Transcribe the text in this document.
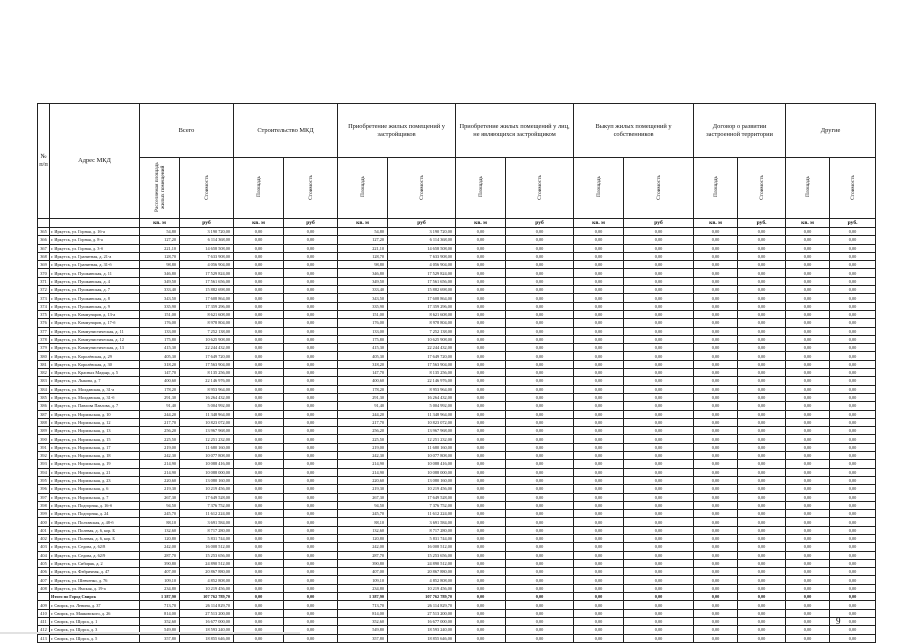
№ п/п	Адрес МКД	Всего		Строительство МКД		Приобретение жилых помещений у застройщиков		Приобретение жилых помещений у лиц, не являющихся застройщиком		Выкуп жилых помещений у собственников		Договор о развитии застроенной территории		Другие	
		Расселяемая площадь жилых помещений	Стоимость	Площадь	Стоимость	Площадь	Стоимость	Площадь	Стоимость	Площадь	Стоимость	Площадь	Стоимость	Площадь	Стоимость
		кв. м	руб	кв. м	руб	кв. м	руб	кв. м	руб	кв. м	руб	кв. м	руб.	кв. м	руб.
365	г. Иркутск, ул. Горная, д. 16-а	54,80	3 190 720,00	0,00	0,00	54,80	3 190 720,00	0,00	0,00	0,00	0,00	0,00	0,00	0,00	0,00
366	г. Иркутск, ул. Горная, д. 8-а	127,20	6 114 368,00	0,00	0,00	127,20	6 114 368,00	0,00	0,00	0,00	0,00	0,00	0,00	0,00	0,00
367	г. Иркутск, ул. Горная, д. 3-б	221,10	14 658 508,00	0,00	0,00	221,10	14 658 508,00	0,00	0,00	0,00	0,00	0,00	0,00	0,00	0,00
368	г. Иркутск, ул. Гранитная, д. 21-а	128,70	7 633 908,00	0,00	0,00	128,70	7 633 908,00	0,00	0,00	0,00	0,00	0,00	0,00	0,00	0,00
369	г. Иркутск, ул. Гранитная, д. 31-б	98,80	4 056 904,00	0,00	0,00	98,80	4 056 904,00	0,00	0,00	0,00	0,00	0,00	0,00	0,00	0,00
370	г. Иркутск, ул. Пушкинская, д. 11	346,80	17 529 824,00	0,00	0,00	346,80	17 529 824,00	0,00	0,00	0,00	0,00	0,00	0,00	0,00	0,00
371	г. Иркутск, ул. Пушкинская, д. 4	349,50	17 561 656,00	0,00	0,00	349,50	17 561 656,00	0,00	0,00	0,00	0,00	0,00	0,00	0,00	0,00
372	г. Иркутск, ул. Пушкинская, д. 7	333,40	15 882 698,00	0,00	0,00	333,40	15 882 698,00	0,00	0,00	0,00	0,00	0,00	0,00	0,00	0,00
373	г. Иркутск, ул. Пушкинская, д. 8	343,50	17 608 864,00	0,00	0,00	343,50	17 608 864,00	0,00	0,00	0,00	0,00	0,00	0,00	0,00	0,00
374	г. Иркутск, ул. Пушкинская, д. 9	335,90	17 359 296,00	0,00	0,00	335,90	17 359 296,00	0,00	0,00	0,00	0,00	0,00	0,00	0,00	0,00
375	г. Иркутск, ул. Коммунаров, д. 13-а	151,00	8 621 608,00	0,00	0,00	151,00	8 621 608,00	0,00	0,00	0,00	0,00	0,00	0,00	0,00	0,00
376	г. Иркутск, ул. Коммунаров, д. 17-б	176,00	8 978 804,00	0,00	0,00	176,00	8 978 804,00	0,00	0,00	0,00	0,00	0,00	0,00	0,00	0,00
377	г. Иркутск, ул. Коммунистическая, д. 11	133,00	7 252 138,00	0,00	0,00	133,00	7 252 138,00	0,00	0,00	0,00	0,00	0,00	0,00	0,00	0,00
378	г. Иркутск, ул. Коммунистическая, д. 12	175,80	10 625 908,00	0,00	0,00	175,80	10 625 908,00	0,00	0,00	0,00	0,00	0,00	0,00	0,00	0,00
379	г. Иркутск, ул. Коммунистическая, д. 13	415,30	22 244 432,00	0,00	0,00	415,30	22 244 432,00	0,00	0,00	0,00	0,00	0,00	0,00	0,00	0,00
380	г. Иркутск, ул. Королёвская, д. 29	405,30	17 649 720,00	0,00	0,00	405,30	17 649 720,00	0,00	0,00	0,00	0,00	0,00	0,00	0,00	0,00
381	г. Иркутск, ул. Королёвская, д. 30	318,20	17 563 904,00	0,00	0,00	318,20	17 563 904,00	0,00	0,00	0,00	0,00	0,00	0,00	0,00	0,00
382	г. Иркутск, ул. Красных Мадьяр, д. 5	147,70	8 135 256,00	0,00	0,00	147,70	8 135 256,00	0,00	0,00	0,00	0,00	0,00	0,00	0,00	0,00
383	г. Иркутск, ул. Лыкова, д. 7	400,60	22 146 976,00	0,00	0,00	400,60	22 146 976,00	0,00	0,00	0,00	0,00	0,00	0,00	0,00	0,00
384	г. Иркутск, ул. Молдавская, д. 31-а	178,20	8 953 964,00	0,00	0,00	178,20	8 953 964,00	0,00	0,00	0,00	0,00	0,00	0,00	0,00	0,00
385	г. Иркутск, ул. Молдавская, д. 31-б	291,30	16 264 432,00	0,00	0,00	291,30	16 264 432,00	0,00	0,00	0,00	0,00	0,00	0,00	0,00	0,00
386	г. Иркутск, ул. Павлова Павлова, д. 7	91,40	5 004 992,00	0,00	0,00	91,40	5 004 992,00	0,00	0,00	0,00	0,00	0,00	0,00	0,00	0,00
387	г. Иркутск, ул. Норильская, д. 10	244,20	11 348 964,00	0,00	0,00	244,20	11 348 964,00	0,00	0,00	0,00	0,00	0,00	0,00	0,00	0,00
388	г. Иркутск, ул. Норильская, д. 12	217,70	10 823 072,00	0,00	0,00	217,70	10 823 072,00	0,00	0,00	0,00	0,00	0,00	0,00	0,00	0,00
389	г. Иркутск, ул. Норильская, д. 13	256,20	13 967 968,00	0,00	0,00	256,20	13 967 968,00	0,00	0,00	0,00	0,00	0,00	0,00	0,00	0,00
390	г. Иркутск, ул. Норильская, д. 15	225,50	12 251 232,00	0,00	0,00	225,50	12 251 232,00	0,00	0,00	0,00	0,00	0,00	0,00	0,00	0,00
391	г. Иркутск, ул. Норильская, д. 17	219,00	11 680 160,00	0,00	0,00	219,00	11 680 160,00	0,00	0,00	0,00	0,00	0,00	0,00	0,00	0,00
392	г. Иркутск, ул. Норильская, д. 18	242,30	10 077 808,00	0,00	0,00	242,30	10 077 808,00	0,00	0,00	0,00	0,00	0,00	0,00	0,00	0,00
393	г. Иркутск, ул. Норильская, д. 19	214,90	10 088 416,00	0,00	0,00	214,90	10 088 416,00	0,00	0,00	0,00	0,00	0,00	0,00	0,00	0,00
394	г. Иркутск, ул. Норильская, д. 21	214,90	10 088 000,00	0,00	0,00	214,90	10 088 000,00	0,00	0,00	0,00	0,00	0,00	0,00	0,00	0,00
395	г. Иркутск, ул. Норильская, д. 23	220,60	13 080 160,00	0,00	0,00	220,60	13 080 160,00	0,00	0,00	0,00	0,00	0,00	0,00	0,00	0,00
396	г. Иркутск, ул. Норильская, д. 6	219,30	10 219 456,00	0,00	0,00	219,30	10 219 456,00	0,00	0,00	0,00	0,00	0,00	0,00	0,00	0,00
397	г. Иркутск, ул. Норильская, д. 7	267,30	17 649 528,00	0,00	0,00	267,30	17 649 528,00	0,00	0,00	0,00	0,00	0,00	0,00	0,00	0,00
398	г. Иркутск, ул. Подгорная, д. 16-б	94,50	7 376 752,00	0,00	0,00	94,50	7 376 752,00	0,00	0,00	0,00	0,00	0,00	0,00	0,00	0,00
399	г. Иркутск, ул. Подгорная, д. 24	245,70	11 612 224,00	0,00	0,00	245,70	11 612 224,00	0,00	0,00	0,00	0,00	0,00	0,00	0,00	0,00
400	г. Иркутск, ул. Полтавская, д. 48-б	88,10	3 691 584,00	0,00	0,00	88,10	3 691 584,00	0,00	0,00	0,00	0,00	0,00	0,00	0,00	0,00
401	г. Иркутск, ул. Полевая, д. 6, кор. Б	132,60	8 717 280,00	0,00	0,00	132,60	8 717 280,00	0,00	0,00	0,00	0,00	0,00	0,00	0,00	0,00
402	г. Иркутск, ул. Полевая, д. 6, кор. Б	120,80	5 831 744,00	0,00	0,00	120,80	5 831 744,00	0,00	0,00	0,00	0,00	0,00	0,00	0,00	0,00
403	г. Иркутск, ул. Седова, д. 62/8	242,00	16 008 512,00	0,00	0,00	242,00	16 008 512,00	0,00	0,00	0,00	0,00	0,00	0,00	0,00	0,00
404	г. Иркутск, ул. Седова, д. 62/9	287,70	15 253 656,00	0,00	0,00	287,70	15 253 656,00	0,00	0,00	0,00	0,00	0,00	0,00	0,00	0,00
405	г. Иркутск, ул. Сибиряк, д. 2	390,80	24 890 512,00	0,00	0,00	390,80	24 890 512,00	0,00	0,00	0,00	0,00	0,00	0,00	0,00	0,00
406	г. Иркутск, ул. Фабричная, д. 47	407,00	20 867 880,00	0,00	0,00	407,00	20 867 880,00	0,00	0,00	0,00	0,00	0,00	0,00	0,00	0,00
407	г. Иркутск, ул. Шевченко, д. 76	109,10	4 852 808,00	0,00	0,00	109,10	4 852 808,00	0,00	0,00	0,00	0,00	0,00	0,00	0,00	0,00
408	г. Иркутск, ул. Ямская, д. 19-а	234,80	10 219 456,00	0,00	0,00	234,80	10 219 456,00	0,00	0,00	0,00	0,00	0,00	0,00	0,00	0,00
	Итого по Город Свирск	1 387,90	107 762 789,70	0,00	0,00	1 387,90	107 762 789,70	0,00	0,00	0,00	0,00	0,00	0,00	0,00	0,00
409	г. Свирск, ул. Ленина, д. 37	713,70	26 114 829,70	0,00	0,00	713,70	26 114 829,70	0,00	0,00	0,00	0,00	0,00	0,00	0,00	0,00
410	г. Свирск, ул. Маяковского, д. 26	814,00	27 513 200,00	0,00	0,00	814,00	27 513 200,00	0,00	0,00	0,00	0,00	0,00	0,00	0,00	0,00
411	г. Свирск, ул. Щорса, д. 1	352,60	16 677 000,00	0,00	0,00	352,60	16 677 000,00	0,00	0,00	0,00	0,00	0,00	0,00	0,00	0,00
412	г. Свирск, ул. Щорса, д. 3	549,80	18 593 240,00	0,00	0,00	549,80	18 593 240,00	0,00	0,00	0,00	0,00	0,00	0,00	0,00	0,00
413	г. Свирск, ул. Щорса, д. 5	357,80	18 855 646,00	0,00	0,00	357,80	18 855 646,00	0,00	0,00	0,00	0,00	0,00	0,00	0,00	0,00
9
